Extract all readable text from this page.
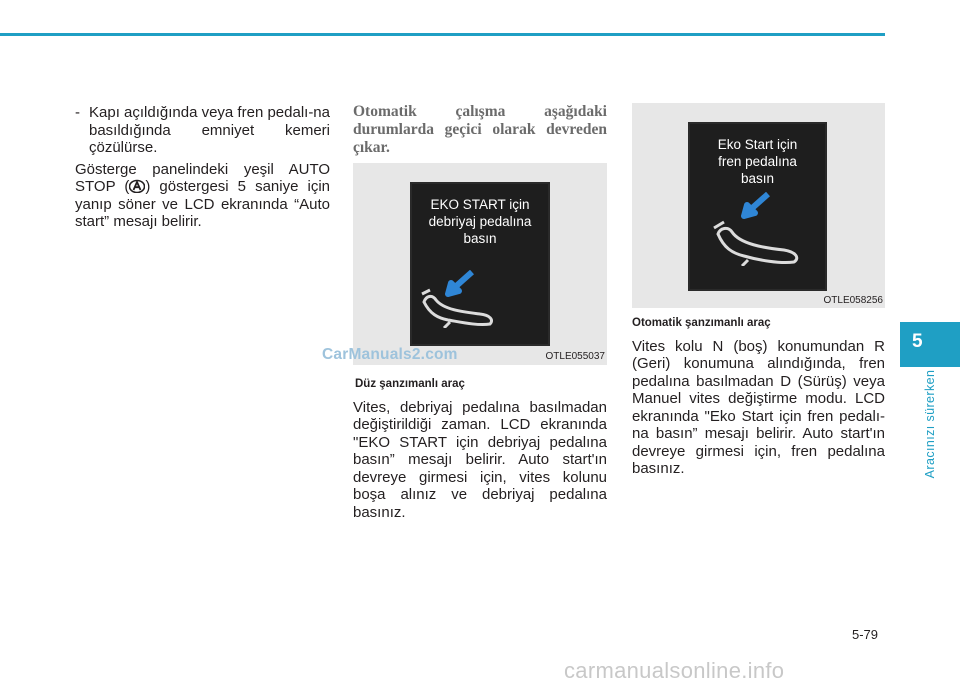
- Kapı açıldığında veya fren pedalı-na basıldığında emniyet kemeri çözülürse.

Gösterge panelindeki yeşil AUTO STOP ( ) göstergesi 5 saniye için yanıp söner ve LCD ekranında “Auto start” mesajı belirir.

Otomatik çalışma aşağıdaki durumlarda geçici olarak devreden çıkar.

EKO START için
debriyaj pedalına
basın
OTLE055037
CarManuals2.com

Düz şanzımanlı araç

Vites, debriyaj pedalına basılmadan değiştirildiği zaman. LCD ekranında "EKO START için debriyaj pedalına basın” mesajı belirir. Auto start'ın devreye girmesi için, vites kolunu boşa alınız ve debriyaj pedalına basınız.

Eko Start için
fren pedalına
basın
OTLE058256

Otomatik şanzımanlı araç

Vites kolu N (boş) konumundan R (Geri) konumuna alındığında, fren pedalına basılmadan D (Sürüş) veya Manuel vites değiştirme modu. LCD ekranında "Eko Start için fren pedalı-na basın” mesajı belirir. Auto start'ın devreye girmesi için, fren pedalına basınız.

5
Aracınızı sürerken
5-79
carmanualsonline.info
